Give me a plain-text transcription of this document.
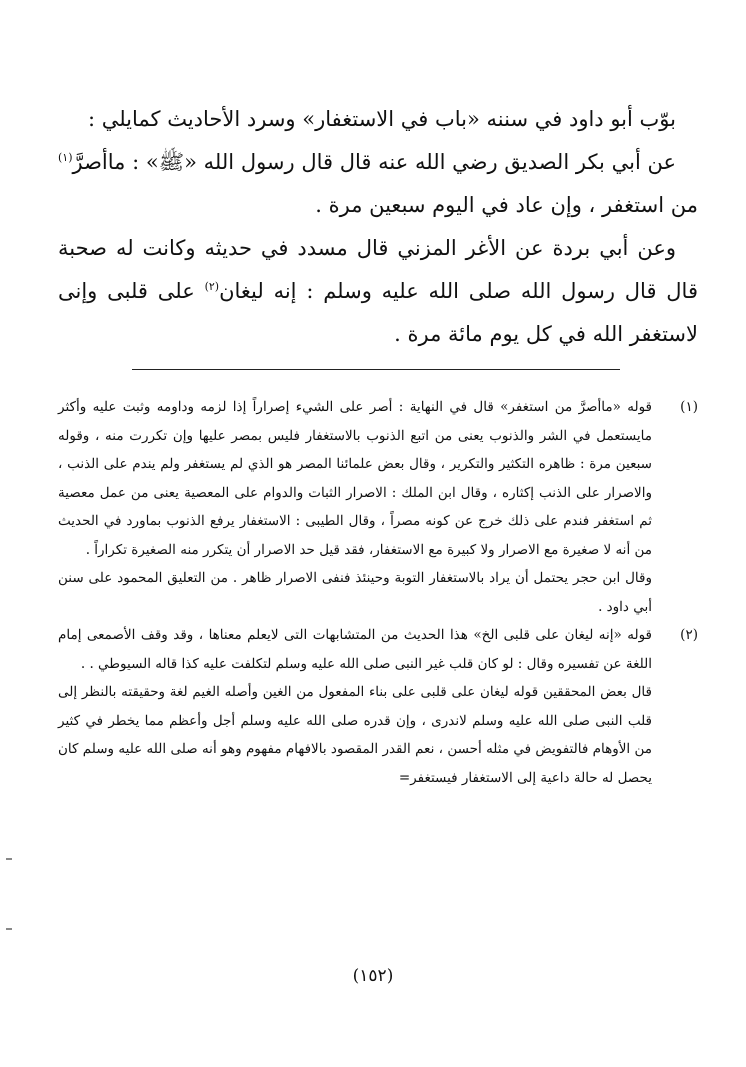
بوّب أبو داود في سننه «باب في الاستغفار» وسرد الأحاديث كمايلي :

عن أبي بكر الصديق رضي الله عنه قال قال رسول الله «ﷺ» : ماأصرَّ$^{(١)}$ من استغفر ، وإن عاد في اليوم سبعين مرة .

وعن أبي بردة عن الأغر المزني قال مسدد في حديثه وكانت له صحبة قال قال رسول الله صلى الله عليه وسلم : إنه ليغان$^{(٢)}$ على قلبى وإنى لاستغفر الله في كل يوم مائة مرة .

(١)

قوله «ماأصرَّ من استغفر» قال في النهاية : أصر على الشيء إصراراً إذا لزمه وداومه وثبت عليه وأكثر مايستعمل في الشر والذنوب يعنى من اتبع الذنوب بالاستغفار فليس بمصر عليها وإن تكررت منه ، وقوله سبعين مرة : ظاهره التكثير والتكرير ، وقال بعض علمائنا المصر هو الذي لم يستغفر ولم يندم على الذنب ، والاصرار على الذنب إكثاره ، وقال ابن الملك : الاصرار الثبات والدوام على المعصية يعنى من عمل معصية ثم استغفر فندم على ذلك خرج عن كونه مصراً ، وقال الطيبى : الاستغفار يرفع الذنوب بماورد في الحديث من أنه لا صغيرة مع الاصرار ولا كبيرة مع الاستغفار، فقد قيل حد الاصرار أن يتكرر منه الصغيرة تكراراً .

وقال ابن حجر يحتمل أن يراد بالاستغفار التوبة وحينئذ فنفى الاصرار ظاهر . من التعليق المحمود على سنن أبي داود .

(٢)

قوله «إنه ليغان على قلبى الخ» هذا الحديث من المتشابهات التى لايعلم معناها ، وقد وقف الأصمعى إمام اللغة عن تفسيره وقال : لو كان قلب غير النبى صلى الله عليه وسلم لتكلفت عليه كذا قاله السيوطي . .

قال بعض المحققين قوله ليغان على قلبى على بناء المفعول من الغين وأصله الغيم لغة وحقيقته بالنظر إلى قلب النبى صلى الله عليه وسلم لاندرى ، وإن قدره صلى الله عليه وسلم أجل وأعظم مما يخطر في كثير من الأوهام فالتفويض في مثله أحسن ، نعم القدر المقصود بالافهام مفهوم وهو أنه صلى الله عليه وسلم كان يحصل له حالة داعية إلى الاستغفار فيستغفر=

(١٥٢)
